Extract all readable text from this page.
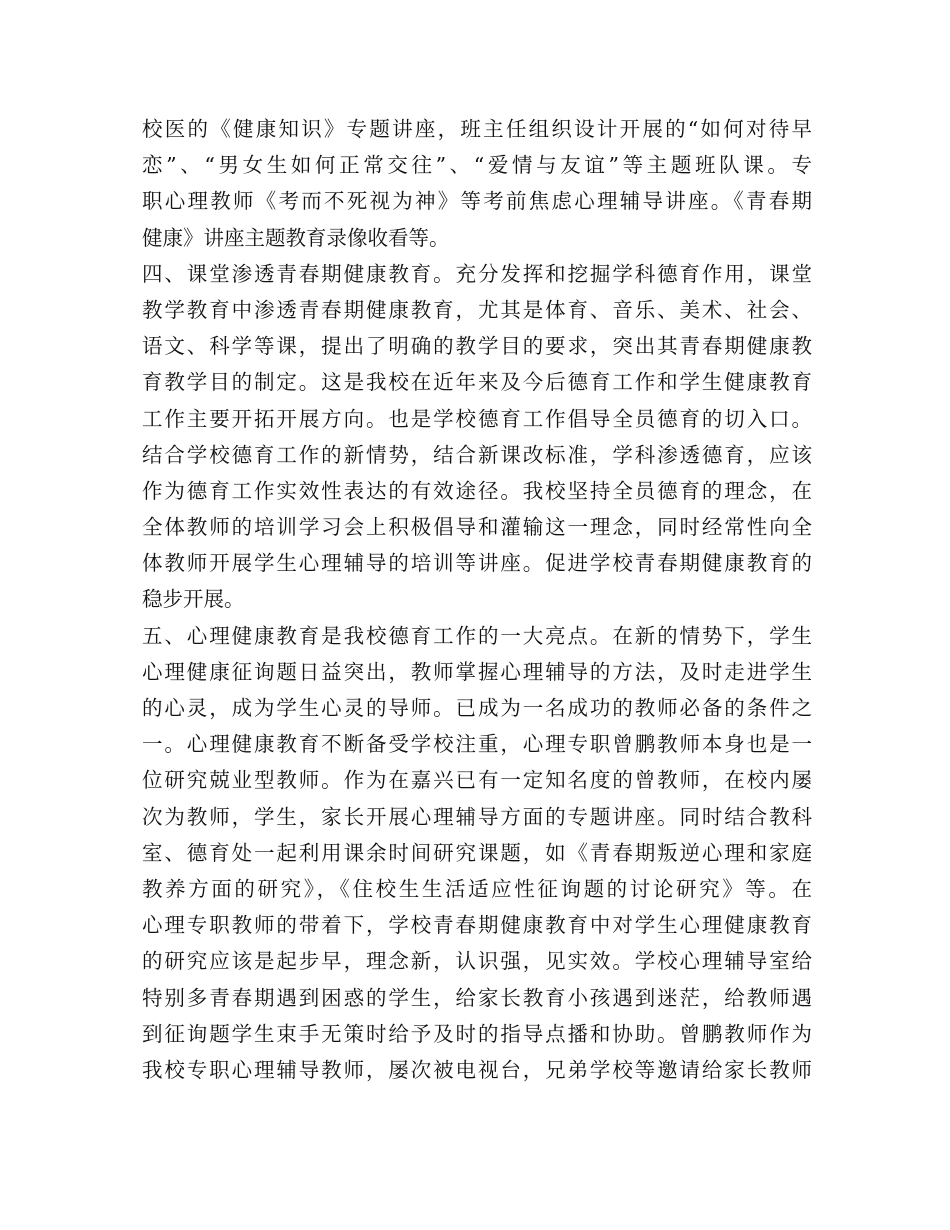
校医的《健康知识》专题讲座，班主任组织设计开展的“如何对待早
恋”、“男女生如何正常交往”、“爱情与友谊”等主题班队课。专
职心理教师《考而不死视为神》等考前焦虑心理辅导讲座。《青春期
健康》讲座主题教育录像收看等。
四、课堂渗透青春期健康教育。充分发挥和挖掘学科德育作用，课堂
教学教育中渗透青春期健康教育，尤其是体育、音乐、美术、社会、
语文、科学等课，提出了明确的教学目的要求，突出其青春期健康教
育教学目的制定。这是我校在近年来及今后德育工作和学生健康教育
工作主要开拓开展方向。也是学校德育工作倡导全员德育的切入口。
结合学校德育工作的新情势，结合新课改标准，学科渗透德育，应该
作为德育工作实效性表达的有效途径。我校坚持全员德育的理念，在
全体教师的培训学习会上积极倡导和灌输这一理念，同时经常性向全
体教师开展学生心理辅导的培训等讲座。促进学校青春期健康教育的
稳步开展。
五、心理健康教育是我校德育工作的一大亮点。在新的情势下，学生
心理健康征询题日益突出，教师掌握心理辅导的方法，及时走进学生
的心灵，成为学生心灵的导师。已成为一名成功的教师必备的条件之
一。心理健康教育不断备受学校注重，心理专职曾鹏教师本身也是一
位研究兢业型教师。作为在嘉兴已有一定知名度的曾教师，在校内屡
次为教师，学生，家长开展心理辅导方面的专题讲座。同时结合教科
室、德育处一起利用课余时间研究课题，如《青春期叛逆心理和家庭
教养方面的研究》，《住校生生活适应性征询题的讨论研究》等。在
心理专职教师的带着下，学校青春期健康教育中对学生心理健康教育
的研究应该是起步早，理念新，认识强，见实效。学校心理辅导室给
特别多青春期遇到困惑的学生，给家长教育小孩遇到迷茫，给教师遇
到征询题学生束手无策时给予及时的指导点播和协助。曾鹏教师作为
我校专职心理辅导教师，屡次被电视台，兄弟学校等邀请给家长教师
